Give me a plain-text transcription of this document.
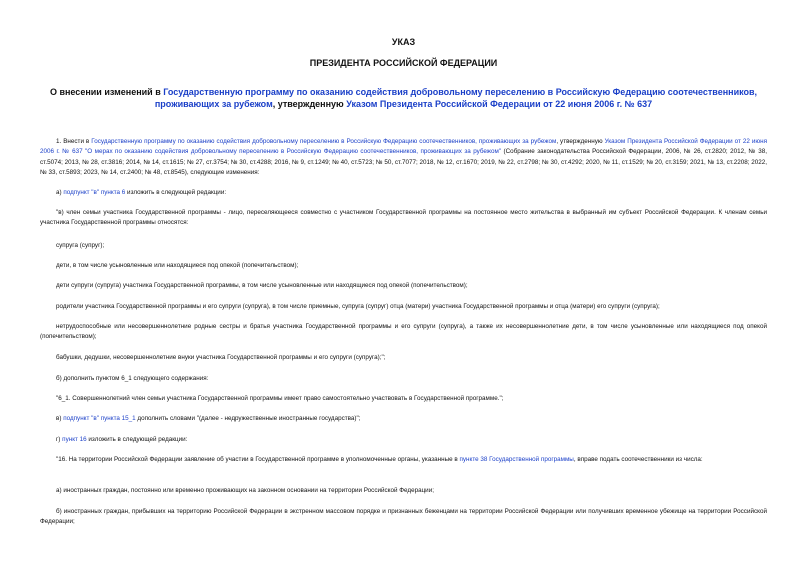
УКАЗ
ПРЕЗИДЕНТА РОССИЙСКОЙ ФЕДЕРАЦИИ
О внесении изменений в Государственную программу по оказанию содействия добровольному переселению в Российскую Федерацию соотечественников, проживающих за рубежом, утвержденную Указом Президента Российской Федерации от 22 июня 2006 г. № 637
1. Внести в Государственную программу по оказанию содействия добровольному переселению в Российскую Федерацию соотечественников, проживающих за рубежом, утвержденную Указом Президента Российской Федерации от 22 июня 2006 г. № 637 "О мерах по оказанию содействия добровольному переселению в Российскую Федерацию соотечественников, проживающих за рубежом" (Собрание законодательства Российской Федерации, 2006, № 26, ст.2820; 2012, № 38, ст.5074; 2013, № 28, ст.3816; 2014, № 14, ст.1615; № 27, ст.3754; № 30, ст.4288; 2016, № 9, ст.1249; № 40, ст.5723; № 50, ст.7077; 2018, № 12, ст.1670; 2019, № 22, ст.2798; № 30, ст.4292; 2020, № 11, ст.1529; № 20, ст.3159; 2021, № 13, ст.2208; 2022, № 33, ст.5893; 2023, № 14, ст.2400; № 48, ст.8545), следующие изменения:
а) подпункт "в" пункта 6 изложить в следующей редакции:
"в) член семьи участника Государственной программы - лицо, переселяющееся совместно с участником Государственной программы на постоянное место жительства в выбранный им субъект Российской Федерации. К членам семьи участника Государственной программы относятся:
супруга (супруг);
дети, в том числе усыновленные или находящиеся под опекой (попечительством);
дети супруги (супруга) участника Государственной программы, в том числе усыновленные или находящиеся под опекой (попечительством);
родители участника Государственной программы и его супруги (супруга), в том числе приемные, супруга (супруг) отца (матери) участника Государственной программы и отца (матери) его супруги (супруга);
нетрудоспособные или несовершеннолетние родные сестры и братья участника Государственной программы и его супруги (супруга), а также их несовершеннолетние дети, в том числе усыновленные или находящиеся под опекой (попечительством);
бабушки, дедушки, несовершеннолетние внуки участника Государственной программы и его супруги (супруга);";
б) дополнить пунктом 6_1 следующего содержания:
"6_1. Совершеннолетний член семьи участника Государственной программы имеет право самостоятельно участвовать в Государственной программе.";
в) подпункт "в" пункта 15_1 дополнить словами "(далее - недружественные иностранные государства)";
г) пункт 16 изложить в следующей редакции:
"16. На территории Российской Федерации заявление об участии в Государственной программе в уполномоченные органы, указанные в пункте 38 Государственной программы, вправе подать соотечественники из числа:
а) иностранных граждан, постоянно или временно проживающих на законном основании на территории Российской Федерации;
б) иностранных граждан, прибывших на территорию Российской Федерации в экстренном массовом порядке и признанных беженцами на территории Российской Федерации или получивших временное убежище на территории Российской Федерации;
